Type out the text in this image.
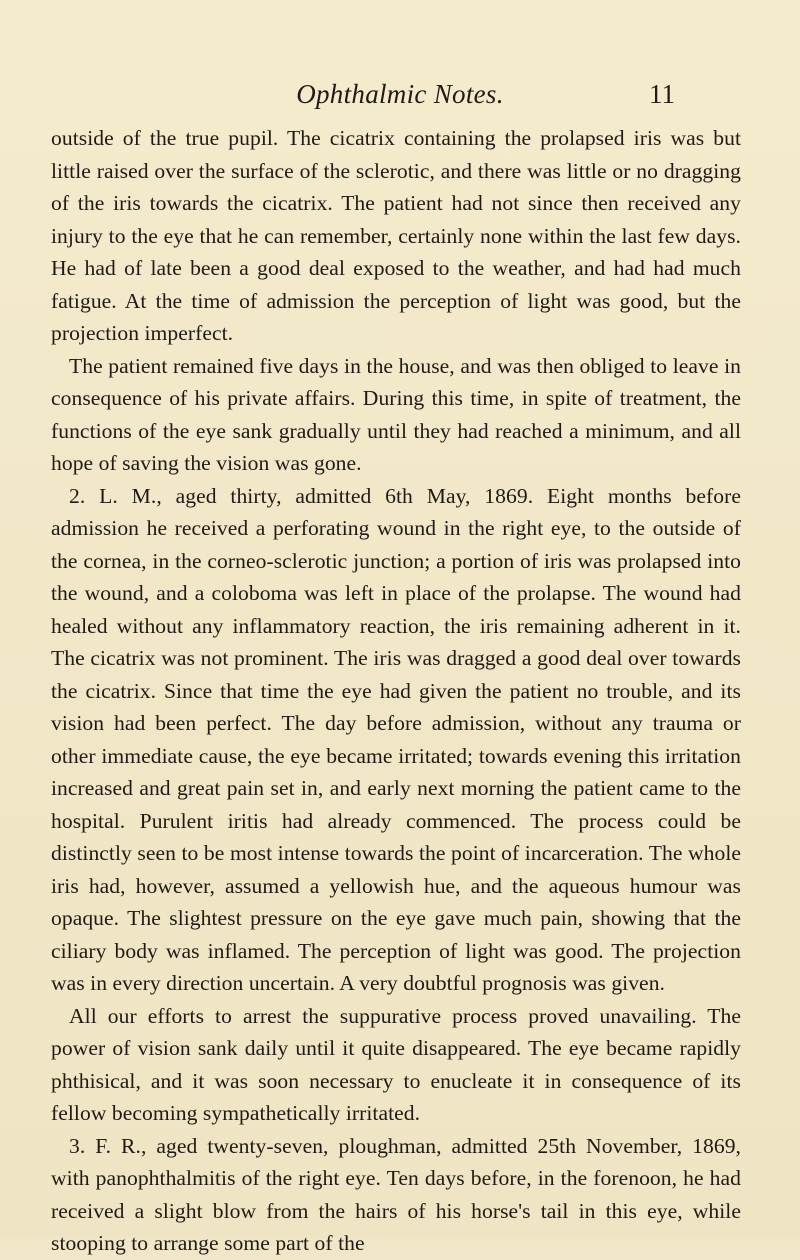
Ophthalmic Notes.	11

outside of the true pupil. The cicatrix containing the prolapsed iris was but little raised over the surface of the sclerotic, and there was little or no dragging of the iris towards the cicatrix. The patient had not since then received any injury to the eye that he can remember, certainly none within the last few days. He had of late been a good deal exposed to the weather, and had had much fatigue. At the time of admission the perception of light was good, but the projection imperfect.

The patient remained five days in the house, and was then obliged to leave in consequence of his private affairs. During this time, in spite of treatment, the functions of the eye sank gradually until they had reached a minimum, and all hope of saving the vision was gone.

2. L. M., aged thirty, admitted 6th May, 1869. Eight months before admission he received a perforating wound in the right eye, to the outside of the cornea, in the corneo-sclerotic junction; a portion of iris was prolapsed into the wound, and a coloboma was left in place of the prolapse. The wound had healed without any inflammatory reaction, the iris remaining adherent in it. The cicatrix was not prominent. The iris was dragged a good deal over towards the cicatrix. Since that time the eye had given the patient no trouble, and its vision had been perfect. The day before admission, without any trauma or other immediate cause, the eye became irritated; towards evening this irritation increased and great pain set in, and early next morning the patient came to the hospital. Purulent iritis had already commenced. The process could be distinctly seen to be most intense towards the point of incarceration. The whole iris had, however, assumed a yellowish hue, and the aqueous humour was opaque. The slightest pressure on the eye gave much pain, showing that the ciliary body was inflamed. The perception of light was good. The projection was in every direction uncertain. A very doubtful prognosis was given.

All our efforts to arrest the suppurative process proved unavailing. The power of vision sank daily until it quite disappeared. The eye became rapidly phthisical, and it was soon necessary to enucleate it in consequence of its fellow becoming sympathetically irritated.

3. F. R., aged twenty-seven, ploughman, admitted 25th November, 1869, with panophthalmitis of the right eye. Ten days before, in the forenoon, he had received a slight blow from the hairs of his horse's tail in this eye, while stooping to arrange some part of the
